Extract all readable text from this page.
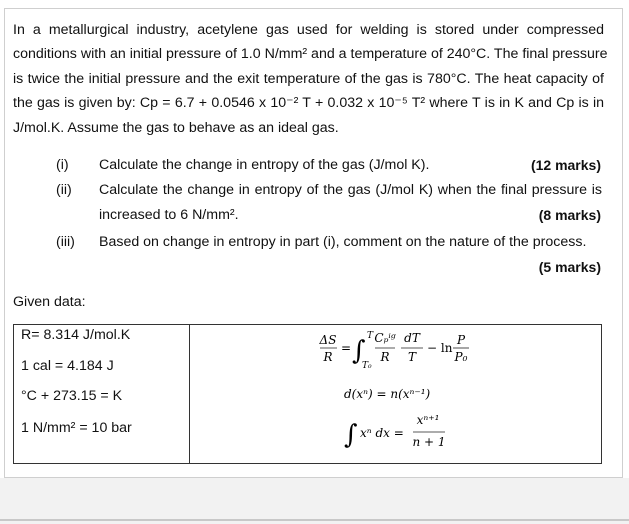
In a metallurgical industry, acetylene gas used for welding is stored under compressed
conditions with an initial pressure of 1.0 N/mm² and a temperature of 240°C. The final pressure
is twice the initial pressure and the exit temperature of the gas is 780°C. The heat capacity of
the gas is given by: Cp = 6.7 + 0.0546 x 10⁻² T + 0.032 x 10⁻⁵ T² where T is in K and Cp is in
J/mol.K. Assume the gas to behave as an ideal gas.
(i) Calculate the change in entropy of the gas (J/mol K).	(12 marks)
(ii) Calculate the change in entropy of the gas (J/mol K) when the final pressure is
increased to 6 N/mm².	(8 marks)
(iii) Based on change in entropy in part (i), comment on the nature of the process.
(5 marks)
Given data:
R= 8.314 J/mol.K
1 cal = 4.184 J
°C + 273.15 = K
1 N/mm² = 10 bar

ΔS
R
= ∫ T
T₀
Cₚⁱᵍ
R
dT
T
− ln
P
P₀
d(xⁿ) = n(xⁿ⁻¹)
∫ xⁿ dx =
xⁿ⁺¹
n + 1
